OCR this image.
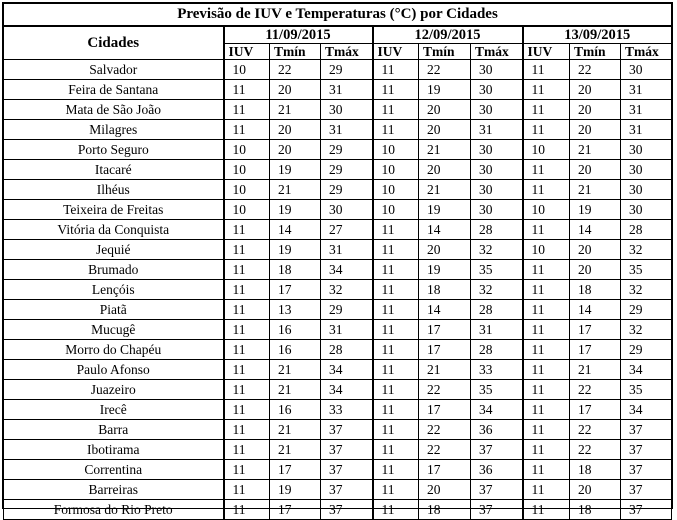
Previsão de IUV e Temperaturas (°C) por Cidades									
Cidades	11/09/2015			12/09/2015			13/09/2015		
	IUV	Tmín	Tmáx	IUV	Tmín	Tmáx	IUV	Tmín	Tmáx
Salvador	10	22	29	11	22	30	11	22	30
Feira de Santana	11	20	31	11	19	30	11	20	31
Mata de São João	11	21	30	11	20	30	11	20	31
Milagres	11	20	31	11	20	31	11	20	31
Porto Seguro	10	20	29	10	21	30	10	21	30
Itacaré	10	19	29	10	20	30	11	20	30
Ilhéus	10	21	29	10	21	30	11	21	30
Teixeira de Freitas	10	19	30	10	19	30	10	19	30
Vitória da Conquista	11	14	27	11	14	28	11	14	28
Jequié	11	19	31	11	20	32	10	20	32
Brumado	11	18	34	11	19	35	11	20	35
Lençóis	11	17	32	11	18	32	11	18	32
Piatã	11	13	29	11	14	28	11	14	29
Mucugê	11	16	31	11	17	31	11	17	32
Morro do Chapéu	11	16	28	11	17	28	11	17	29
Paulo Afonso	11	21	34	11	21	33	11	21	34
Juazeiro	11	21	34	11	22	35	11	22	35
Irecê	11	16	33	11	17	34	11	17	34
Barra	11	21	37	11	22	36	11	22	37
Ibotirama	11	21	37	11	22	37	11	22	37
Correntina	11	17	37	11	17	36	11	18	37
Barreiras	11	19	37	11	20	37	11	20	37
Formosa do Rio Preto	11	17	37	11	18	37	11	18	37
